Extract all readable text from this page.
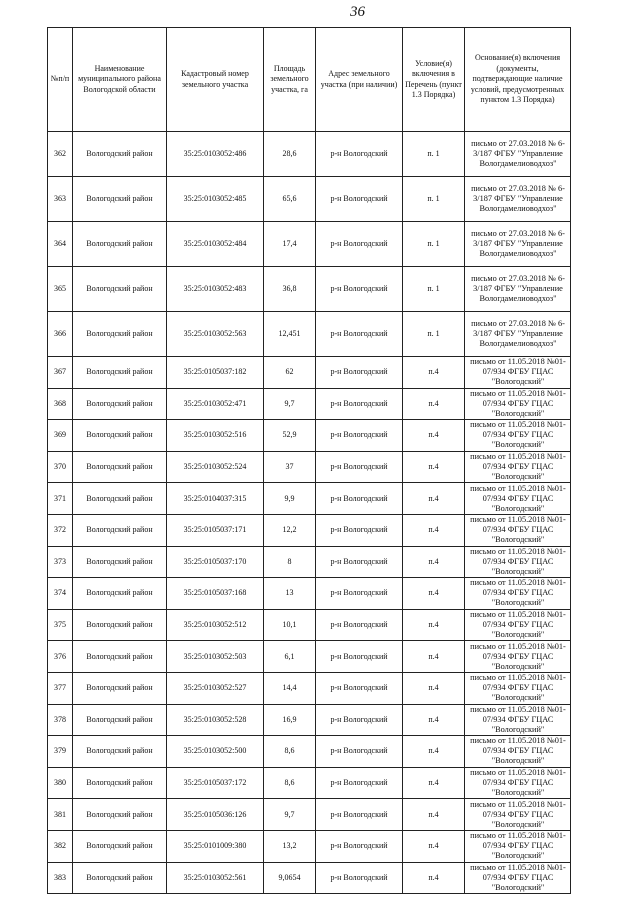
36
№п/п	Наименование муниципального района Вологодской области	Кадастровый номер земельного участка	Площадь земельного участка, га	Адрес земельного участка (при наличии)	Условие(я) включения в Перечень (пункт 1.3 Порядка)	Основание(я) включения (документы, подтверждающие наличие условий, предусмотренных пунктом 1.3 Порядка)
362	Вологодский район	35:25:0103052:486	28,6	р-н Вологодский	п. 1	письмо от 27.03.2018 № 6-3/187 ФГБУ "Управление Вологдамелиоводхоз"
363	Вологодский район	35:25:0103052:485	65,6	р-н Вологодский	п. 1	письмо от 27.03.2018 № 6-3/187 ФГБУ "Управление Вологдамелиоводхоз"
364	Вологодский район	35:25:0103052:484	17,4	р-н Вологодский	п. 1	письмо от 27.03.2018 № 6-3/187 ФГБУ "Управление Вологдамелиоводхоз"
365	Вологодский район	35:25:0103052:483	36,8	р-н Вологодский	п. 1	письмо от 27.03.2018 № 6-3/187 ФГБУ "Управление Вологдамелиоводхоз"
366	Вологодский район	35:25:0103052:563	12,451	р-н Вологодский	п. 1	письмо от 27.03.2018 № 6-3/187 ФГБУ "Управление Вологдамелиоводхоз"
367	Вологодский район	35:25:0105037:182	62	р-н Вологодский	п.4	письмо от 11.05.2018 №01-07/934 ФГБУ ГЦАС "Вологодский"
368	Вологодский район	35:25:0103052:471	9,7	р-н Вологодский	п.4	письмо от 11.05.2018 №01-07/934 ФГБУ ГЦАС "Вологодский"
369	Вологодский район	35:25:0103052:516	52,9	р-н Вологодский	п.4	письмо от 11.05.2018 №01-07/934 ФГБУ ГЦАС "Вологодский"
370	Вологодский район	35:25:0103052:524	37	р-н Вологодский	п.4	письмо от 11.05.2018 №01-07/934 ФГБУ ГЦАС "Вологодский"
371	Вологодский район	35:25:0104037:315	9,9	р-н Вологодский	п.4	письмо от 11.05.2018 №01-07/934 ФГБУ ГЦАС "Вологодский"
372	Вологодский район	35:25:0105037:171	12,2	р-н Вологодский	п.4	письмо от 11.05.2018 №01-07/934 ФГБУ ГЦАС "Вологодский"
373	Вологодский район	35:25:0105037:170	8	р-н Вологодский	п.4	письмо от 11.05.2018 №01-07/934 ФГБУ ГЦАС "Вологодский"
374	Вологодский район	35:25:0105037:168	13	р-н Вологодский	п.4	письмо от 11.05.2018 №01-07/934 ФГБУ ГЦАС "Вологодский"
375	Вологодский район	35:25:0103052:512	10,1	р-н Вологодский	п.4	письмо от 11.05.2018 №01-07/934 ФГБУ ГЦАС "Вологодский"
376	Вологодский район	35:25:0103052:503	6,1	р-н Вологодский	п.4	письмо от 11.05.2018 №01-07/934 ФГБУ ГЦАС "Вологодский"
377	Вологодский район	35:25:0103052:527	14,4	р-н Вологодский	п.4	письмо от 11.05.2018 №01-07/934 ФГБУ ГЦАС "Вологодский"
378	Вологодский район	35:25:0103052:528	16,9	р-н Вологодский	п.4	письмо от 11.05.2018 №01-07/934 ФГБУ ГЦАС "Вологодский"
379	Вологодский район	35:25:0103052:500	8,6	р-н Вологодский	п.4	письмо от 11.05.2018 №01-07/934 ФГБУ ГЦАС "Вологодский"
380	Вологодский район	35:25:0105037:172	8,6	р-н Вологодский	п.4	письмо от 11.05.2018 №01-07/934 ФГБУ ГЦАС "Вологодский"
381	Вологодский район	35:25:0105036:126	9,7	р-н Вологодский	п.4	письмо от 11.05.2018 №01-07/934 ФГБУ ГЦАС "Вологодский"
382	Вологодский район	35:25:0101009:380	13,2	р-н Вологодский	п.4	письмо от 11.05.2018 №01-07/934 ФГБУ ГЦАС "Вологодский"
383	Вологодский район	35:25:0103052:561	9,0654	р-н Вологодский	п.4	письмо от 11.05.2018 №01-07/934 ФГБУ ГЦАС "Вологодский"
